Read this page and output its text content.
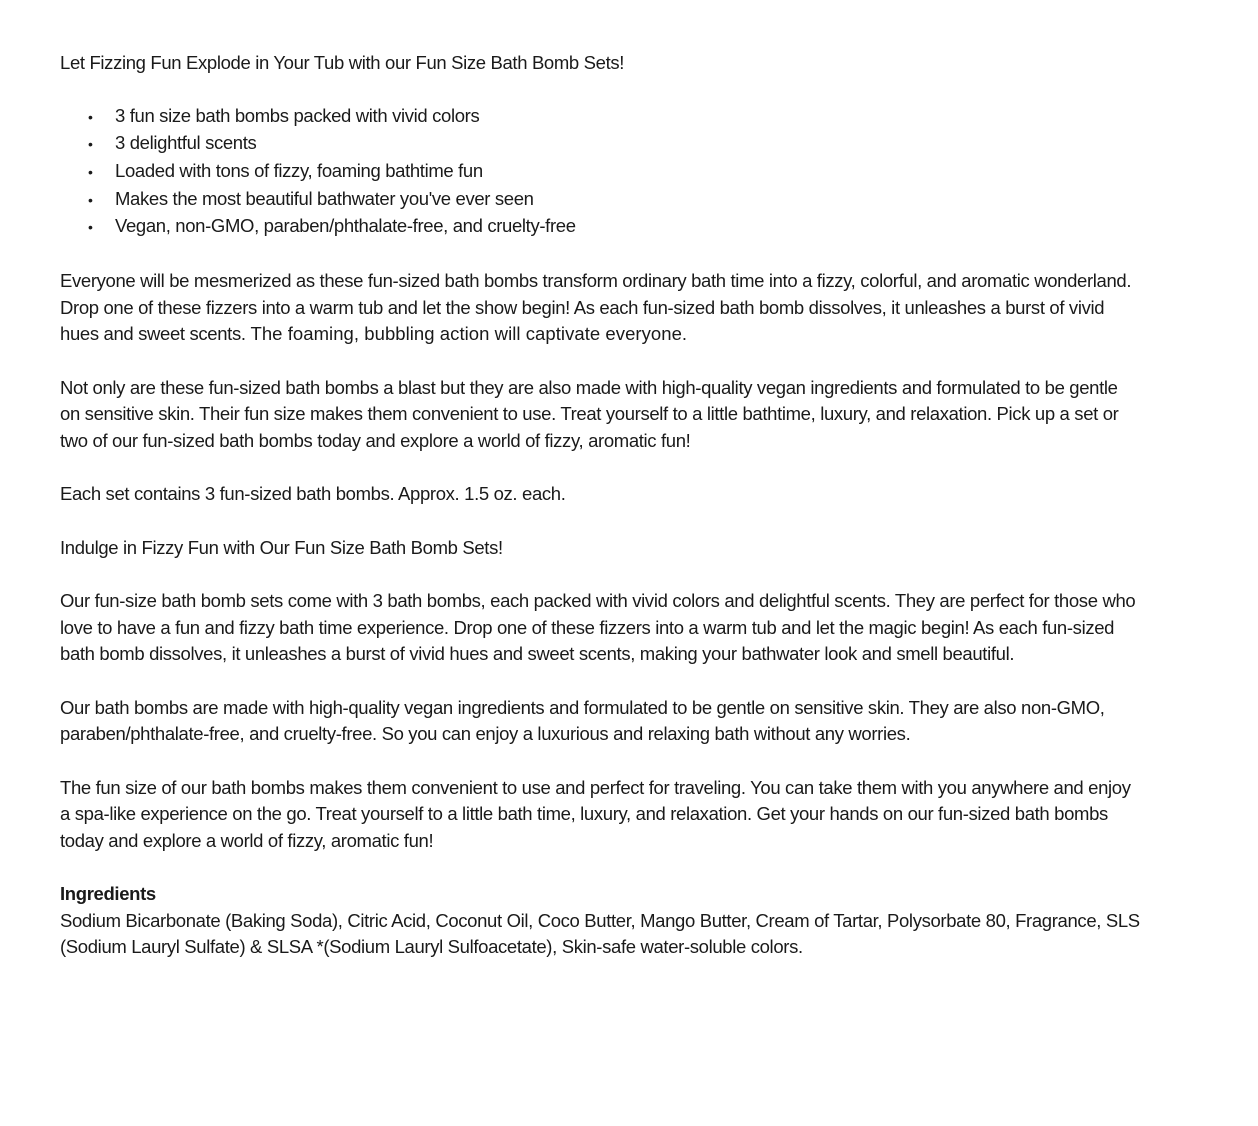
Let Fizzing Fun Explode in Your Tub with our Fun Size Bath Bomb Sets!

•	3 fun size bath bombs packed with vivid colors
•	3 delightful scents
•	Loaded with tons of fizzy, foaming bathtime fun
•	Makes the most beautiful bathwater you've ever seen
•	Vegan, non-GMO, paraben/phthalate-free, and cruelty-free

Everyone will be mesmerized as these fun-sized bath bombs transform ordinary bath time into a fizzy, colorful, and aromatic wonderland. Drop one of these fizzers into a warm tub and let the show begin! As each fun-sized bath bomb dissolves, it unleashes a burst of vivid hues and sweet scents. The foaming, bubbling action will captivate everyone.

Not only are these fun-sized bath bombs a blast but they are also made with high-quality vegan ingredients and formulated to be gentle on sensitive skin. Their fun size makes them convenient to use. Treat yourself to a little bathtime, luxury, and relaxation. Pick up a set or two of our fun-sized bath bombs today and explore a world of fizzy, aromatic fun!

Each set contains 3 fun-sized bath bombs. Approx. 1.5 oz. each.

Indulge in Fizzy Fun with Our Fun Size Bath Bomb Sets!

Our fun-size bath bomb sets come with 3 bath bombs, each packed with vivid colors and delightful scents. They are perfect for those who love to have a fun and fizzy bath time experience. Drop one of these fizzers into a warm tub and let the magic begin! As each fun-sized bath bomb dissolves, it unleashes a burst of vivid hues and sweet scents, making your bathwater look and smell beautiful.

Our bath bombs are made with high-quality vegan ingredients and formulated to be gentle on sensitive skin. They are also non-GMO, paraben/phthalate-free, and cruelty-free. So you can enjoy a luxurious and relaxing bath without any worries.

The fun size of our bath bombs makes them convenient to use and perfect for traveling. You can take them with you anywhere and enjoy a spa-like experience on the go. Treat yourself to a little bath time, luxury, and relaxation. Get your hands on our fun-sized bath bombs today and explore a world of fizzy, aromatic fun!

Ingredients

Sodium Bicarbonate (Baking Soda), Citric Acid, Coconut Oil, Coco Butter, Mango Butter, Cream of Tartar, Polysorbate 80, Fragrance, SLS (Sodium Lauryl Sulfate) & SLSA *(Sodium Lauryl Sulfoacetate), Skin-safe water-soluble colors.
